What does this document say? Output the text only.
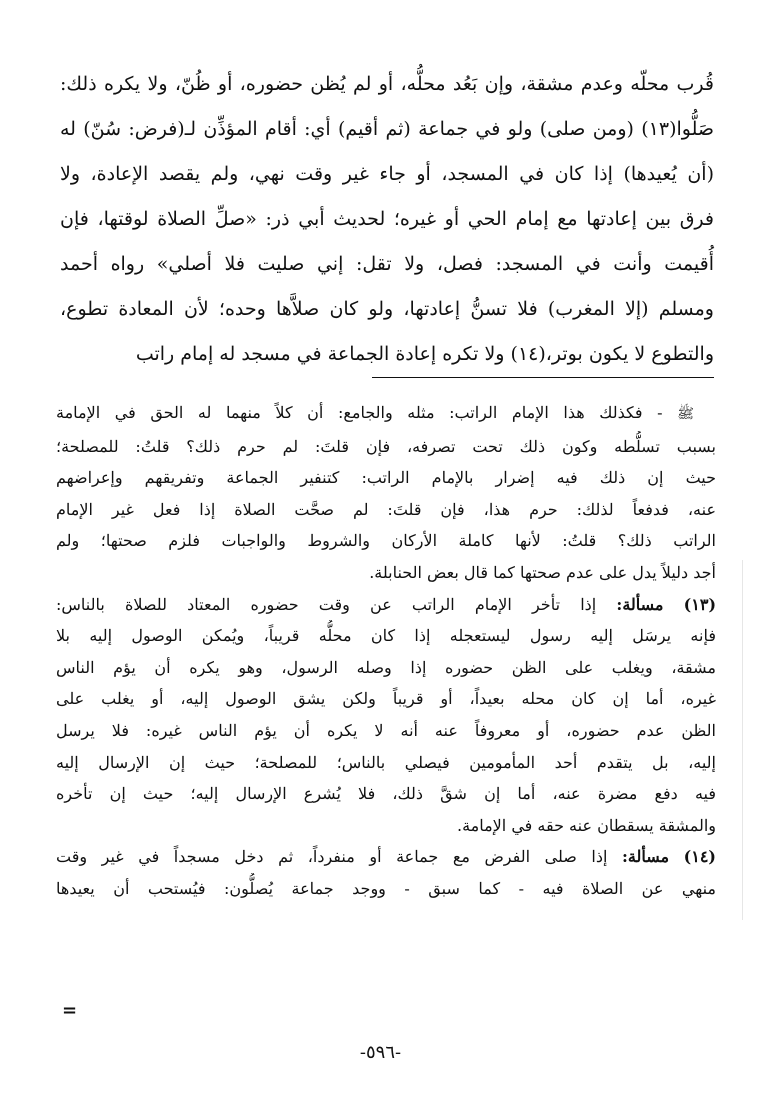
قُرب محلّه وعدم مشقة، وإن بَعُد محلُّه، أو لم يُظن حضوره، أو ظُنّ، ولا يكره ذلك:

صَلُّوا(١٣) (ومن صلى) ولو في جماعة (ثم أقيم) أي: أقام المؤذِّن لـ(فرض: سُنّ) له

(أن يُعيدها) إذا كان في المسجد، أو جاء غير وقت نهي، ولم يقصد الإعادة، ولا

فرق بين إعادتها مع إمام الحي أو غيره؛ لحديث أبي ذر: «صلِّ الصلاة لوقتها، فإن

أُقيمت وأنت في المسجد: فصل، ولا تقل: إني صليت فلا أصلي» رواه أحمد

ومسلم (إلا المغرب) فلا تسنُّ إعادتها، ولو كان صلاَّها وحده؛ لأن المعادة تطوع،

والتطوع لا يكون بوتر،(١٤) ولا تكره إعادة الجماعة في مسجد له إمام راتب

ﷺ - فكذلك هذا الإمام الراتب: مثله والجامع: أن كلاً منهما له الحق في الإمامة
بسبب تسلُّطه وكون ذلك تحت تصرفه، فإن قلتَ: لم حرم ذلك؟ قلتُ: للمصلحة؛
حيث إن ذلك فيه إضرار بالإمام الراتب: كتنفير الجماعة وتفريقهم وإعراضهم
عنه، فدفعاً لذلك: حرم هذا، فإن قلتَ: لم صحَّت الصلاة إذا فعل غير الإمام
الراتب ذلك؟ قلتُ: لأنها كاملة الأركان والشروط والواجبات فلزم صحتها؛ ولم
أجد دليلاً يدل على عدم صحتها كما قال بعض الحنابلة.
(١٣) مسألة: إذا تأخر الإمام الراتب عن وقت حضوره المعتاد للصلاة بالناس:
فإنه يرسَل إليه رسول ليستعجله إذا كان محلُّه قريباً، ويُمكن الوصول إليه بلا
مشقة، ويغلب على الظن حضوره إذا وصله الرسول، وهو يكره أن يؤم الناس
غيره، أما إن كان محله بعيداً، أو قريباً ولكن يشق الوصول إليه، أو يغلب على
الظن عدم حضوره، أو معروفاً عنه أنه لا يكره أن يؤم الناس غيره: فلا يرسل
إليه، بل يتقدم أحد المأمومين فيصلي بالناس؛ للمصلحة؛ حيث إن الإرسال إليه
فيه دفع مضرة عنه، أما إن شقَّ ذلك، فلا يُشرع الإرسال إليه؛ حيث إن تأخره
والمشقة يسقطان عنه حقه في الإمامة.
(١٤) مسألة: إذا صلى الفرض مع جماعة أو منفرداً، ثم دخل مسجداً في غير وقت
منهي عن الصلاة فيه - كما سبق - ووجد جماعة يُصلُّون: فيُستحب أن يعيدها
=
-٥٩٦-
